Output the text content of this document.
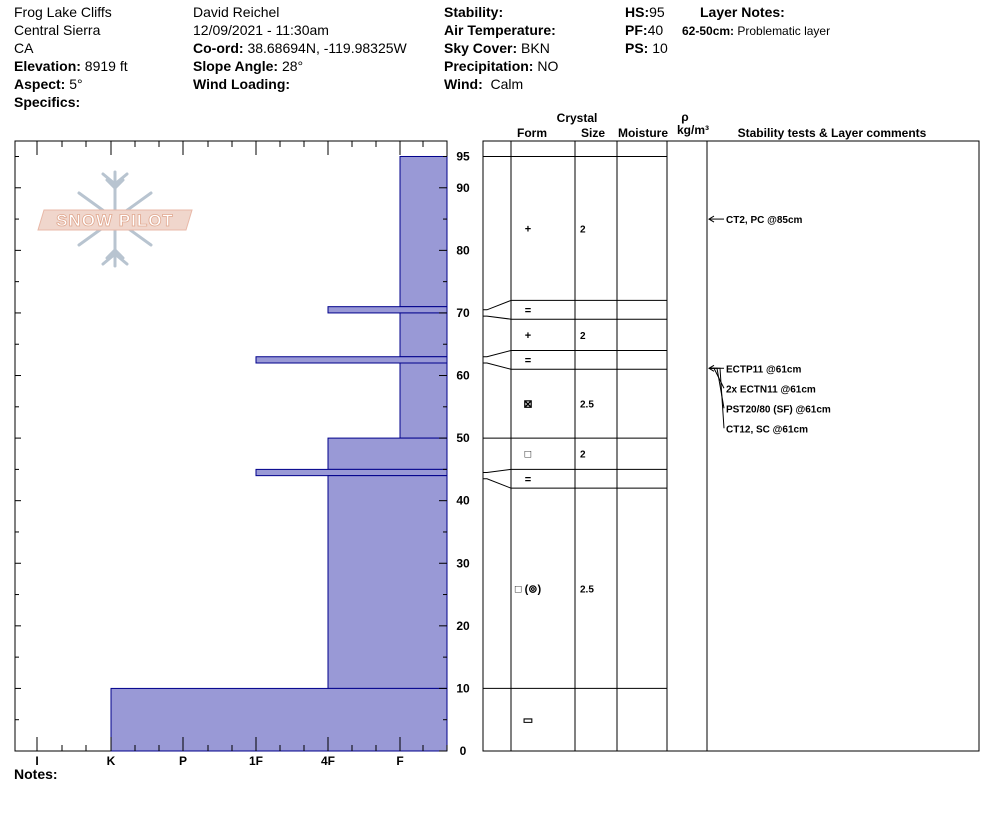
Frog Lake Cliffs
Central Sierra
CA
Elevation: 8919 ft
Aspect: 5°
Specifics:
David Reichel
12/09/2021 - 11:30am
Co-ord: 38.68694N, -119.98325W
Slope Angle: 28°
Wind Loading:
Stability:
Air Temperature:
Sky Cover: BKN
Precipitation: NO
Wind: Calm
HS:95
PF:40
PS: 10
Layer Notes:
62-50cm: Problematic layer
Notes:
SNOW PILOT
I	K	P	1F	4F	F
0
10
20
30
40
50
60
70
80
90
95
Crystal
Form	Size Moisture
ρ
kg/m³ Stability tests & Layer comments
+	2
=
+	2
=
⊠	2.5
□	2
=
□ (⊚)	2.5
▭
CT2, PC @85cm
ECTP11 @61cm
2x ECTN11 @61cm
PST20/80 (SF) @61cm
CT12, SC @61cm
